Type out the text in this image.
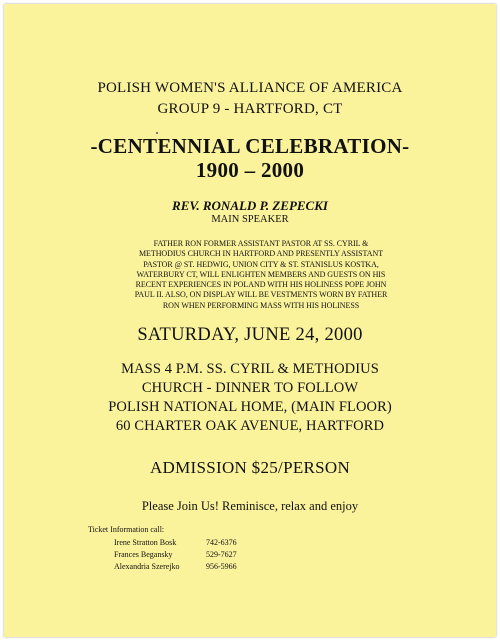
POLISH WOMEN'S ALLIANCE OF AMERICA
GROUP 9 - HARTFORD, CT
-CENTENNIAL CELEBRATION-
1900 – 2000
REV. RONALD P. ZEPECKI
MAIN SPEAKER
FATHER RON FORMER ASSISTANT PASTOR AT SS. CYRIL &
METHODIUS CHURCH IN HARTFORD AND PRESENTLY ASSISTANT
PASTOR @ ST. HEDWIG, UNION CITY & ST. STANISLUS KOSTKA,
WATERBURY CT, WILL ENLIGHTEN MEMBERS AND GUESTS ON HIS
RECENT EXPERIENCES IN POLAND WITH HIS HOLINESS POPE JOHN
PAUL II. ALSO, ON DISPLAY WILL BE VESTMENTS WORN BY FATHER
RON WHEN PERFORMING MASS WITH HIS HOLINESS
SATURDAY, JUNE 24, 2000
MASS 4 P.M. SS. CYRIL & METHODIUS
CHURCH - DINNER TO FOLLOW
POLISH NATIONAL HOME, (MAIN FLOOR)
60 CHARTER OAK AVENUE, HARTFORD
ADMISSION $25/PERSON
Please Join Us! Reminisce, relax and enjoy
Ticket Information call:
Irene Stratton Bosk	742-6376
Frances Begansky	529-7627
Alexandria Szerejko	956-5966
